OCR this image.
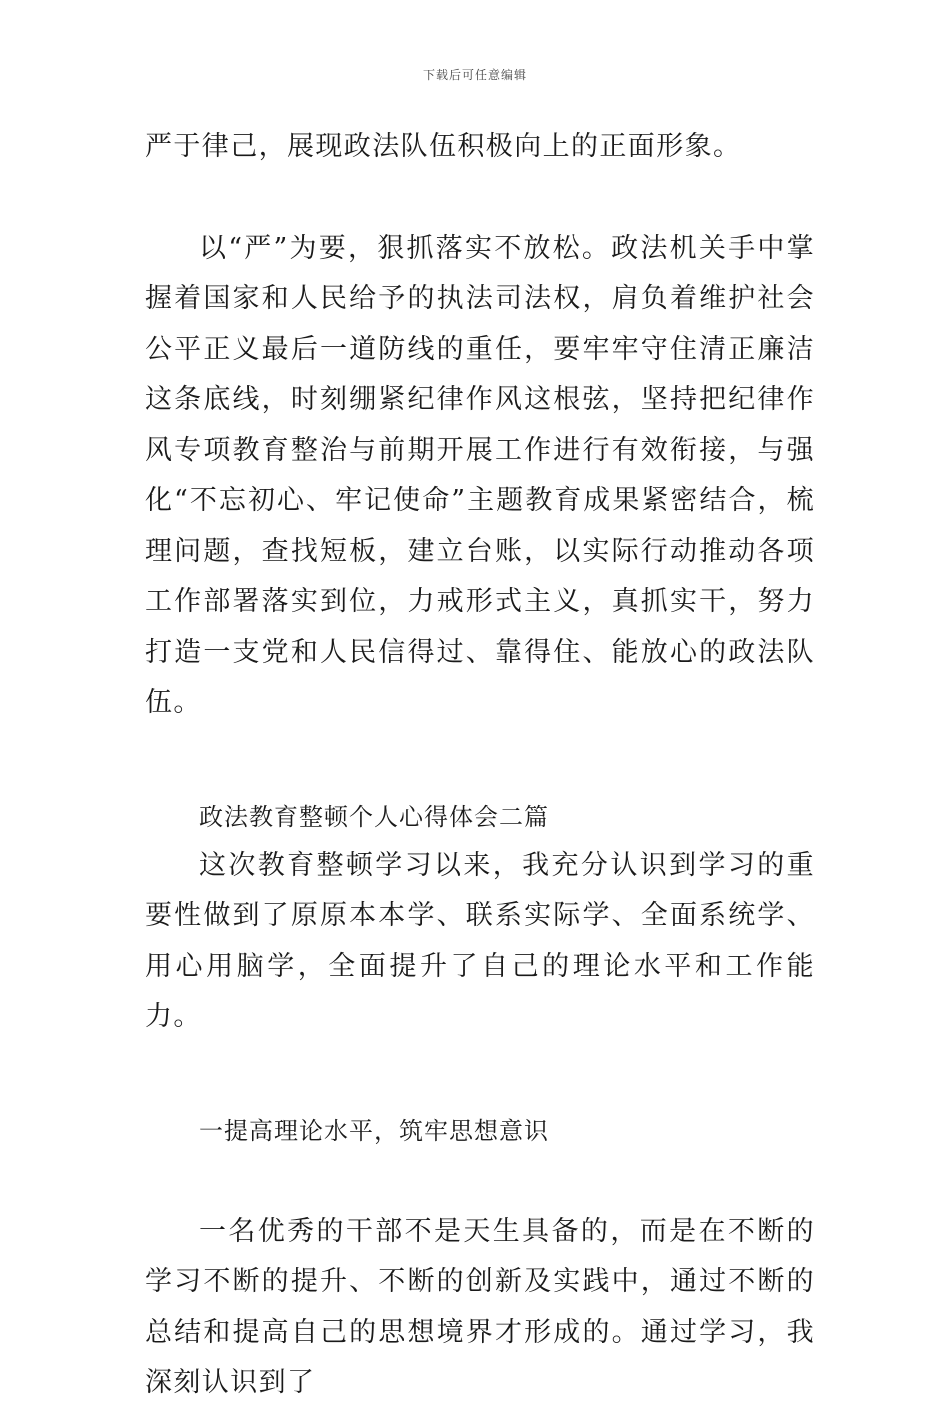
下载后可任意编辑

严于律己，展现政法队伍积极向上的正面形象。

以“严”为要，狠抓落实不放松。政法机关手中掌握着国家和人民给予的执法司法权，肩负着维护社会公平正义最后一道防线的重任，要牢牢守住清正廉洁这条底线，时刻绷紧纪律作风这根弦，坚持把纪律作风专项教育整治与前期开展工作进行有效衔接，与强化“不忘初心、牢记使命”主题教育成果紧密结合，梳理问题，查找短板，建立台账，以实际行动推动各项工作部署落实到位，力戒形式主义，真抓实干，努力打造一支党和人民信得过、靠得住、能放心的政法队伍。

政法教育整顿个人心得体会二篇

这次教育整顿学习以来，我充分认识到学习的重要性做到了原原本本学、联系实际学、全面系统学、用心用脑学，全面提升了自己的理论水平和工作能力。

一提高理论水平，筑牢思想意识

一名优秀的干部不是天生具备的，而是在不断的学习不断的提升、不断的创新及实践中，通过不断的总结和提高自己的思想境界才形成的。通过学习，我深刻认识到了
